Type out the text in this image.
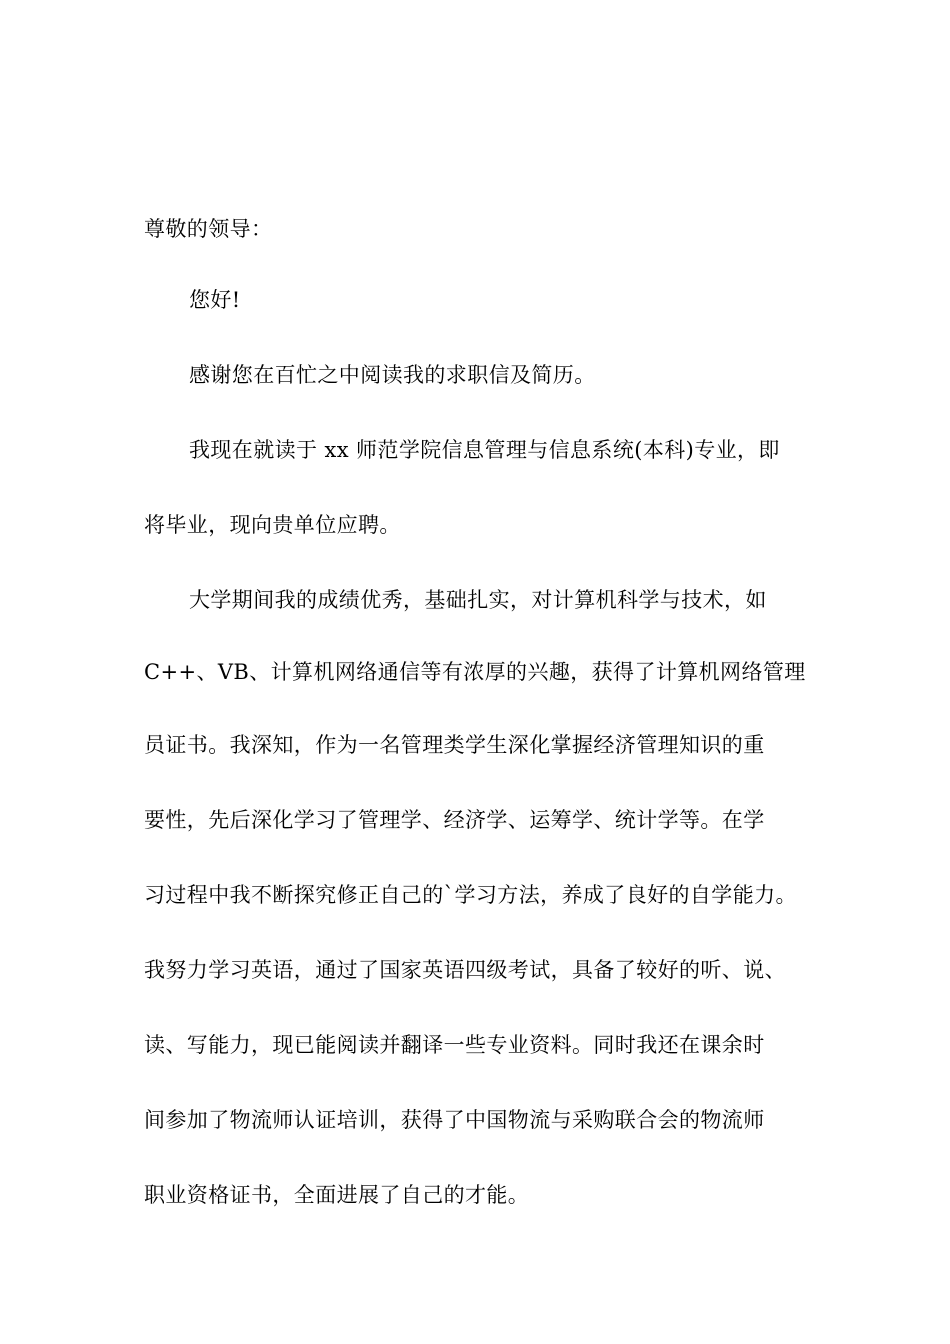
尊敬的领导：
您好!
感谢您在百忙之中阅读我的求职信及简历。
我现在就读于 xx 师范学院信息管理与信息系统(本科)专业，即
将毕业，现向贵单位应聘。
大学期间我的成绩优秀，基础扎实，对计算机科学与技术，如
C++、VB、计算机网络通信等有浓厚的兴趣，获得了计算机网络管理
员证书。我深知，作为一名管理类学生深化掌握经济管理知识的重
要性，先后深化学习了管理学、经济学、运筹学、统计学等。在学
习过程中我不断探究修正自己的`学习方法，养成了良好的自学能力。
我努力学习英语，通过了国家英语四级考试，具备了较好的听、说、
读、写能力，现已能阅读并翻译一些专业资料。同时我还在课余时
间参加了物流师认证培训，获得了中国物流与采购联合会的物流师
职业资格证书，全面进展了自己的才能。
